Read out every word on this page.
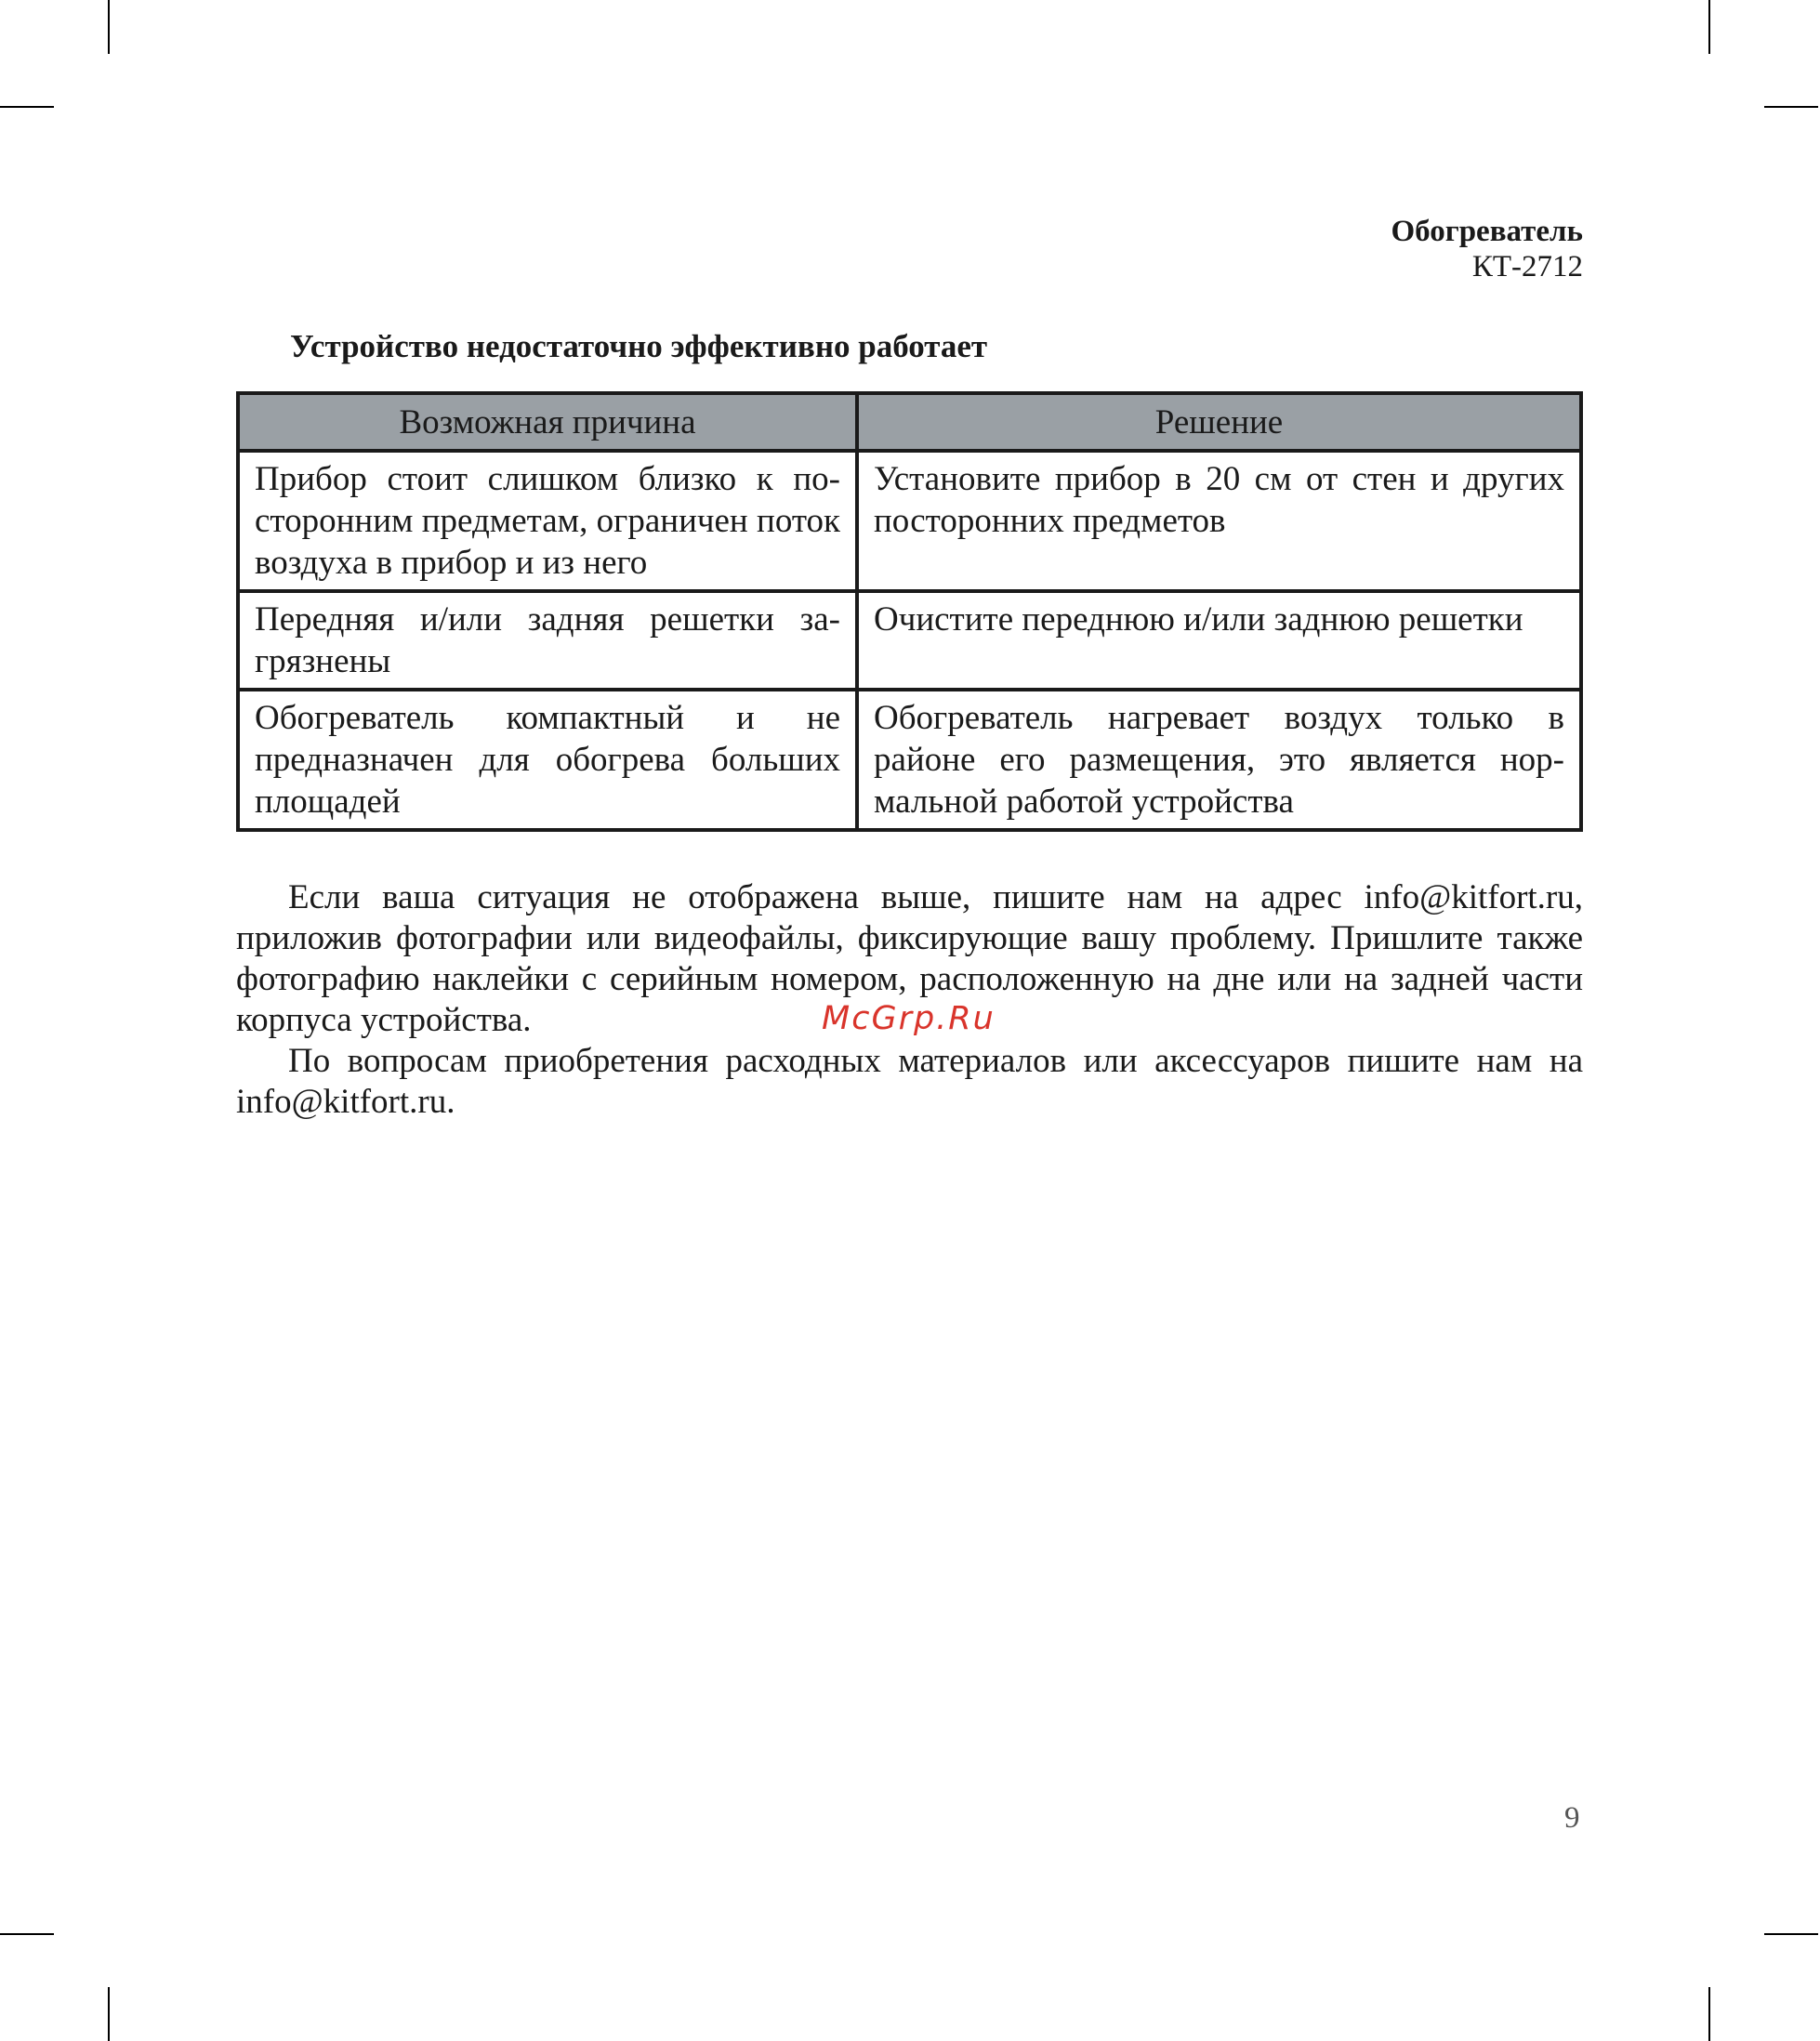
Обогреватель
КТ-2712
Устройство недостаточно эффективно работает
Возможная причина	Решение
Прибор стоит слишком близко к посторонним предметам, ограничен поток воздуха в прибор и из него	Установите прибор в 20 см от стен и других посторонних предметов
Передняя и/или задняя решетки загрязнены	Очистите переднюю и/или заднюю решетки
Обогреватель компактный и не предназначен для обогрева больших площадей	Обогреватель нагревает воздух только в районе его размещения, это является нормальной работой устройства

Если ваша ситуация не отображена выше, пишите нам на адрес info@kitfort.ru, приложив фотографии или видеофайлы, фиксирующие вашу проблему. Пришлите также фотографию наклейки с серийным номером, расположенную на дне или на задней части корпуса устройства.

По вопросам приобретения расходных материалов или аксессуаров пишите нам на info@kitfort.ru.

McGrp.Ru
9
